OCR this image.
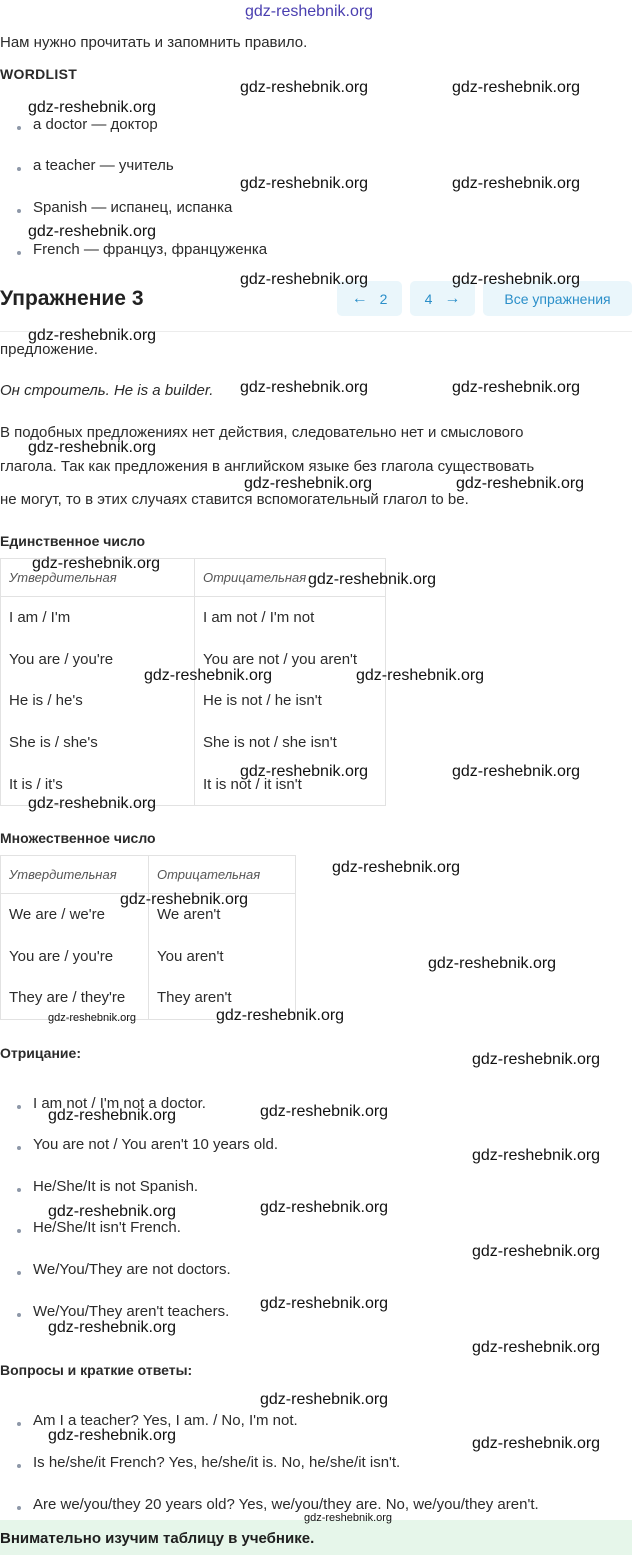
gdz-reshebnik.org
Нам нужно прочитать и запомнить правило.
WORDLIST
a doctor — доктор
a teacher — учитель
Spanish — испанец, испанка
French — француз, француженка
Упражнение 3	← 2	4 →	Все упражнения
предложение.
Он строитель. He is a builder.
В подобных предложениях нет действия, следовательно нет и смыслового
глагола. Так как предложения в английском языке без глагола существовать
не могут, то в этих случаях ставится вспомогательный глагол to be.
Единственное число
Утвердительная	Отрицательная
I am / I'm	I am not / I'm not
You are / you're	You are not / you aren't
He is / he's	He is not / he isn't
She is / she's	She is not / she isn't
It is / it's	It is not / it isn't
Множественное число
Утвердительная	Отрицательная
We are / we're	We aren't
You are / you're	You aren't
They are / they're	They aren't
Отрицание:
I am not / I'm not a doctor.
You are not / You aren't 10 years old.
He/She/It is not Spanish.
He/She/It isn't French.
We/You/They are not doctors.
We/You/They aren't teachers.
Вопросы и краткие ответы:
Am I a teacher? Yes, I am. / No, I'm not.
Is he/she/it French? Yes, he/she/it is. No, he/she/it isn't.
Are we/you/they 20 years old? Yes, we/you/they are. No, we/you/they aren't.
Внимательно изучим таблицу в учебнике.
gdz-reshebnik.org
gdz-reshebnik.org	gdz-reshebnik.org
gdz-reshebnik.org	gdz-reshebnik.org
gdz-reshebnik.org
gdz-reshebnik.org	gdz-reshebnik.org
gdz-reshebnik.org
gdz-reshebnik.org	gdz-reshebnik.org
gdz-reshebnik.org
gdz-reshebnik.org	gdz-reshebnik.org
gdz-reshebnik.org
gdz-reshebnik.org
gdz-reshebnik.org	gdz-reshebnik.org
gdz-reshebnik.org	gdz-reshebnik.org
gdz-reshebnik.org
gdz-reshebnik.org
gdz-reshebnik.org
gdz-reshebnik.org
gdz-reshebnik.org	gdz-reshebnik.org
gdz-reshebnik.org
gdz-reshebnik.org	gdz-reshebnik.org
gdz-reshebnik.org
gdz-reshebnik.org	gdz-reshebnik.org
gdz-reshebnik.org
gdz-reshebnik.org
gdz-reshebnik.org
gdz-reshebnik.org
gdz-reshebnik.org
gdz-reshebnik.org	gdz-reshebnik.org
gdz-reshebnik.org
